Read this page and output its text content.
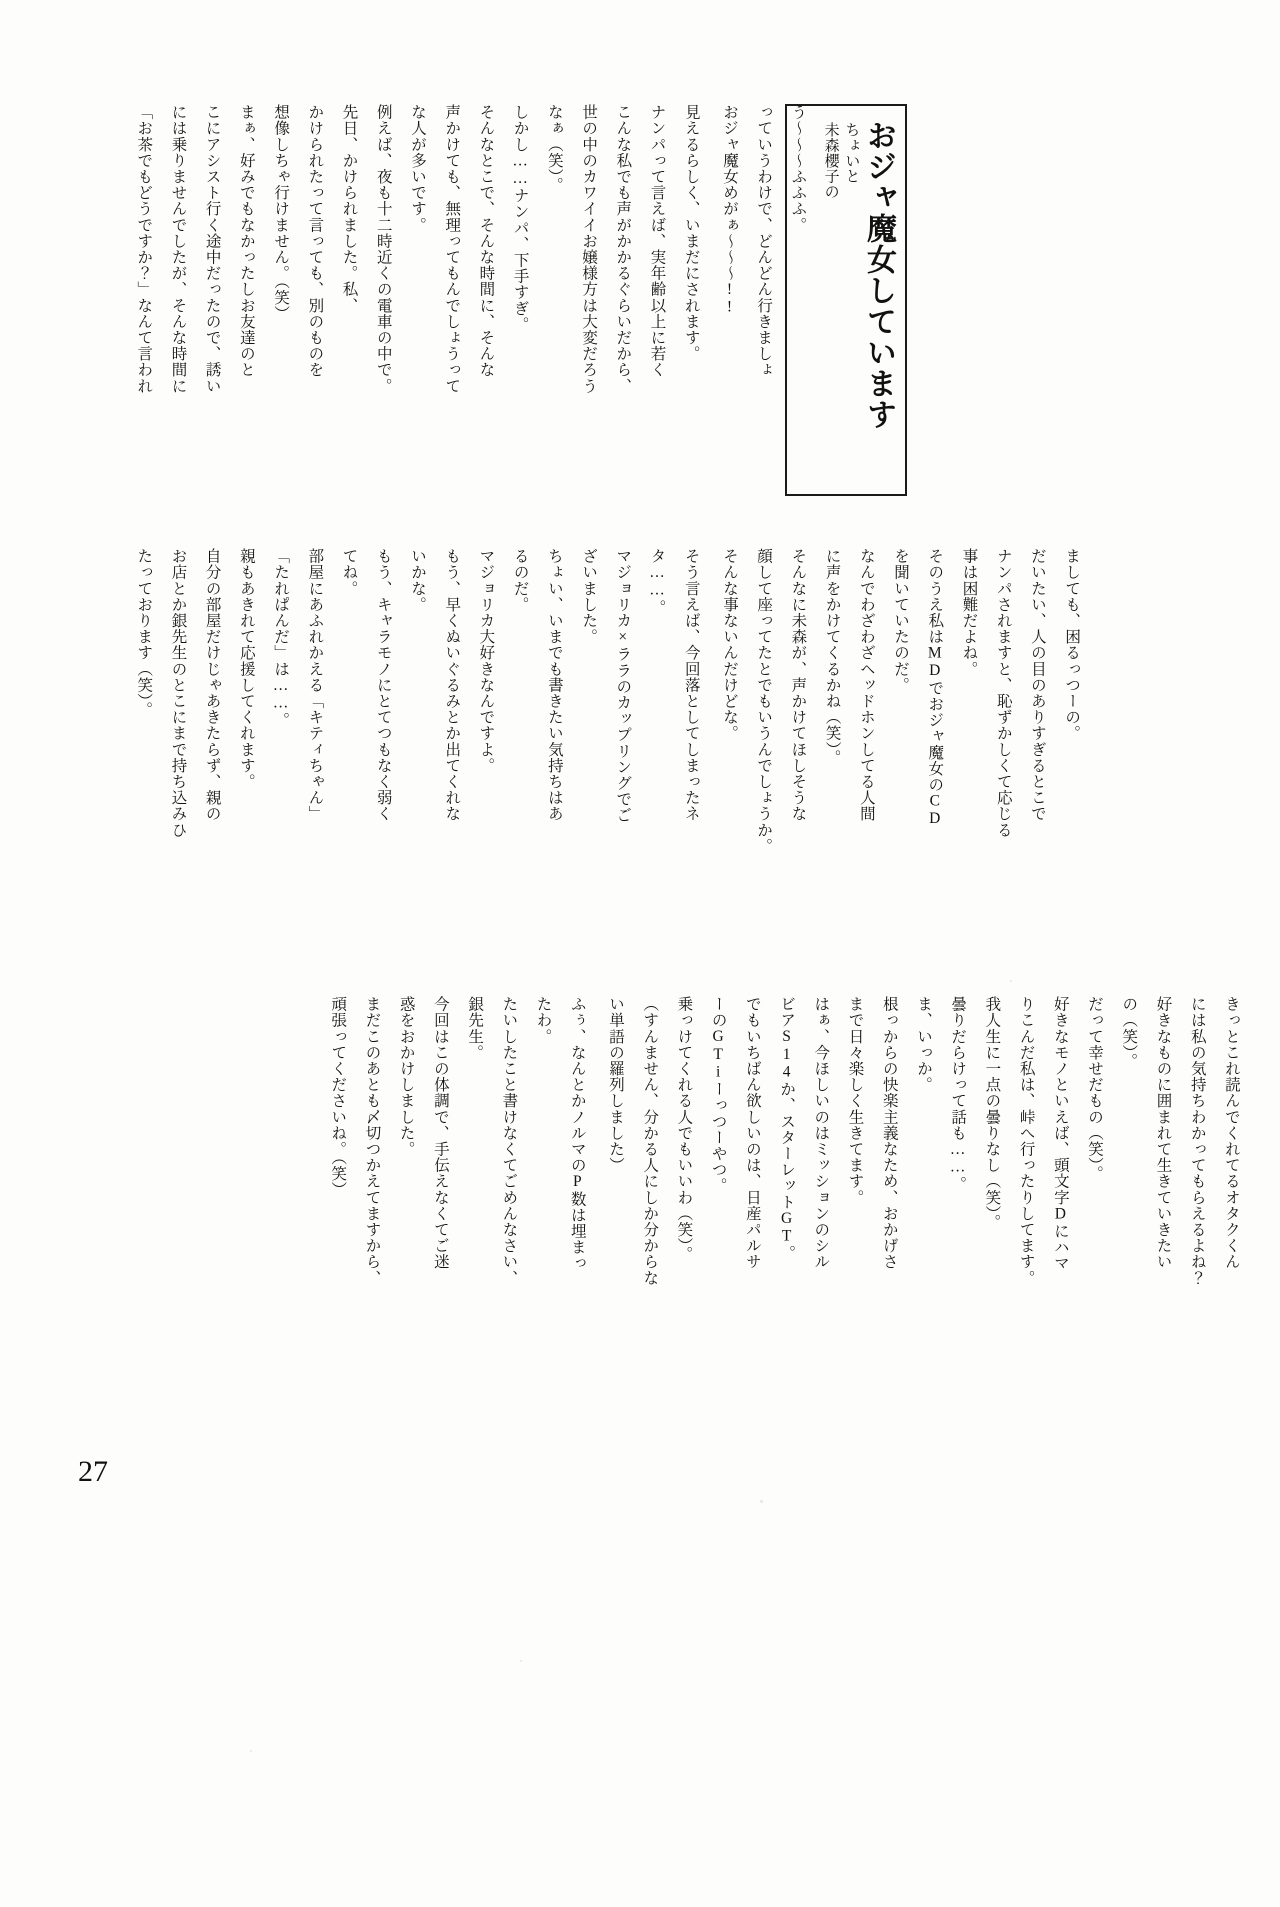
おジャ魔女しています
ちょいと
未森櫻子の
う～～～ふふふ。
っていうわけで、どんどん行きましょ
おジャ魔女めがぁ～～～!!
見えるらしく、いまだにされます。
ナンパって言えば、実年齢以上に若く
こんな私でも声がかかるぐらいだから、
世の中のカワイイお嬢様方は大変だろう
なぁ（笑）。
しかし……ナンパ、下手すぎ。
そんなとこで、そんな時間に、そんな
声かけても、無理ってもんでしょうって
な人が多いです。
例えば、夜も十二時近くの電車の中で。
先日、かけられました。私、
かけられたって言っても、別のものを
想像しちゃ行けません。（笑）
まぁ、好みでもなかったしお友達のと
こにアシスト行く途中だったので、誘い
には乗りませんでしたが、そんな時間に
「お茶でもどうですか？」なんて言われ
ましても、困るっつーの。
だいたい、人の目のありすぎるとこで
ナンパされますと、恥ずかしくて応じる
事は困難だよね。
そのうえ私はMDでおジャ魔女のCD
を聞いていたのだ。
なんでわざわざヘッドホンしてる人間
に声をかけてくるかね（笑）。
そんなに未森が、声かけてほしそうな
顔して座ってたとでもいうんでしょうか。
そんな事ないんだけどな。
そう言えば、今回落としてしまったネ
タ……。
マジョリカ×ララのカップリングでご
ざいました。
ちょい、いまでも書きたい気持ちはあ
るのだ。
マジョリカ大好きなんですよ。
もう、早くぬいぐるみとか出てくれな
いかな。
もう、キャラモノにとてつもなく弱く
てね。
部屋にあふれかえる「キティちゃん」
「たれぱんだ」は……。
親もあきれて応援してくれます。
自分の部屋だけじゃあきたらず、親の
お店とか銀先生のとこにまで持ち込みひ
たっております（笑）。
きっとこれ読んでくれてるオタクくん
には私の気持ちわかってもらえるよね？
好きなものに囲まれて生きていきたい
の（笑）。
だって幸せだもの（笑）。
好きなモノといえば、頭文字Dにハマ
りこんだ私は、峠へ行ったりしてます。
我人生に一点の曇りなし（笑）。
曇りだらけって話も……。
ま、いっか。
根っからの快楽主義なため、おかげさ
まで日々楽しく生きてます。
はぁ、今ほしいのはミッションのシル
ビアS14か、スターレットGT。
でもいちばん欲しいのは、日産パルサ
ーのGTiーっつーやつ。
乗っけてくれる人でもいいわ（笑）。
（すんません、分かる人にしか分からな
い単語の羅列しました）
ふぅ、なんとかノルマのP数は埋まっ
たわ。
たいしたこと書けなくてごめんなさい、
銀先生。
今回はこの体調で、手伝えなくてご迷
惑をおかけしました。
まだこのあとも〆切つかえてますから、
頑張ってくださいね。（笑）
27
